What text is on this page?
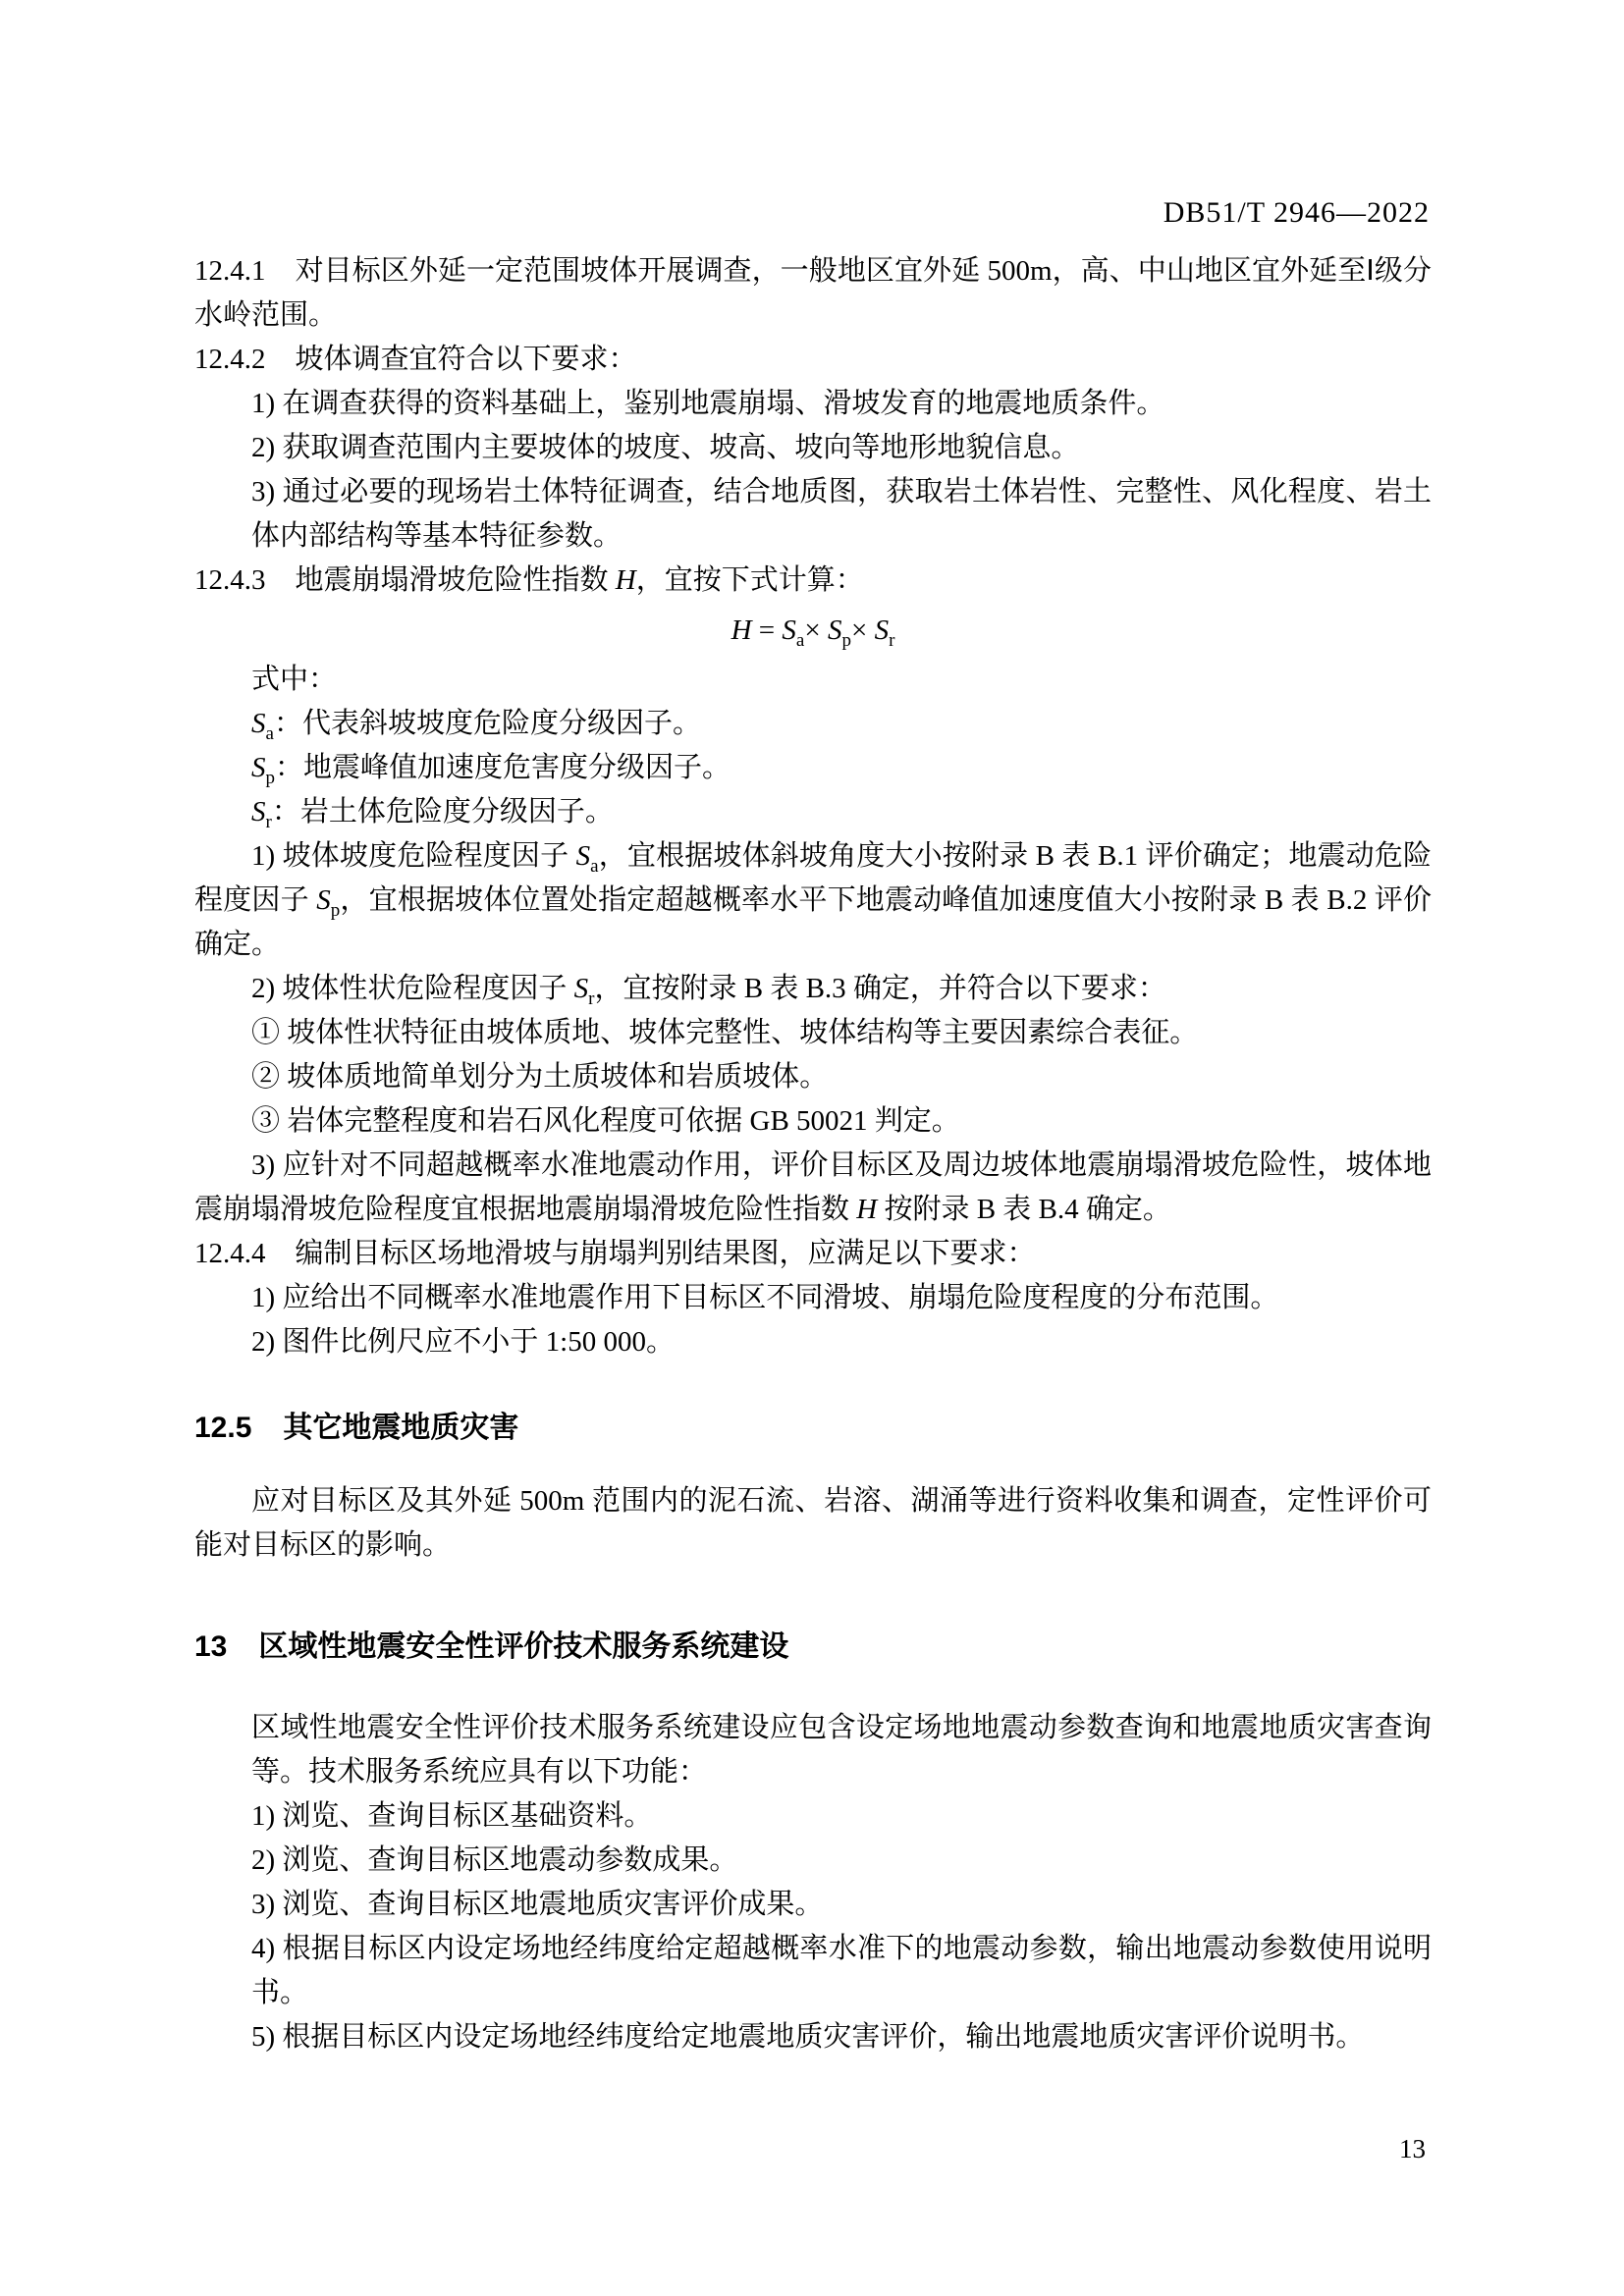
DB51/T 2946—2022

12.4.1 对目标区外延一定范围坡体开展调查，一般地区宜外延 500m，高、中山地区宜外延至Ⅰ级分水岭范围。

12.4.2 坡体调查宜符合以下要求：

1) 在调查获得的资料基础上，鉴别地震崩塌、滑坡发育的地震地质条件。

2) 获取调查范围内主要坡体的坡度、坡高、坡向等地形地貌信息。

3) 通过必要的现场岩土体特征调查，结合地质图，获取岩土体岩性、完整性、风化程度、岩土体内部结构等基本特征参数。

12.4.3 地震崩塌滑坡危险性指数 H，宜按下式计算：

$H = S_a\times S_p\times S_r$

式中：

$S_a$：代表斜坡坡度危险度分级因子。

$S_p$：地震峰值加速度危害度分级因子。

$S_r$：岩土体危险度分级因子。

1) 坡体坡度危险程度因子 $S_a$，宜根据坡体斜坡角度大小按附录 B 表 B.1 评价确定；地震动危险程度因子 $S_p$，宜根据坡体位置处指定超越概率水平下地震动峰值加速度值大小按附录 B 表 B.2 评价确定。

2) 坡体性状危险程度因子 $S_r$，宜按附录 B 表 B.3 确定，并符合以下要求：

① 坡体性状特征由坡体质地、坡体完整性、坡体结构等主要因素综合表征。

② 坡体质地简单划分为土质坡体和岩质坡体。

③ 岩体完整程度和岩石风化程度可依据 GB 50021 判定。

3) 应针对不同超越概率水准地震动作用，评价目标区及周边坡体地震崩塌滑坡危险性，坡体地震崩塌滑坡危险程度宜根据地震崩塌滑坡危险性指数 H 按附录 B 表 B.4 确定。

12.4.4 编制目标区场地滑坡与崩塌判别结果图，应满足以下要求：

1) 应给出不同概率水准地震作用下目标区不同滑坡、崩塌危险度程度的分布范围。

2) 图件比例尺应不小于 1:50 000。

12.5 其它地震地质灾害

应对目标区及其外延 500m 范围内的泥石流、岩溶、湖涌等进行资料收集和调查，定性评价可能对目标区的影响。

13 区域性地震安全性评价技术服务系统建设

区域性地震安全性评价技术服务系统建设应包含设定场地地震动参数查询和地震地质灾害查询等。技术服务系统应具有以下功能：

1) 浏览、查询目标区基础资料。

2) 浏览、查询目标区地震动参数成果。

3) 浏览、查询目标区地震地质灾害评价成果。

4) 根据目标区内设定场地经纬度给定超越概率水准下的地震动参数，输出地震动参数使用说明书。

5) 根据目标区内设定场地经纬度给定地震地质灾害评价，输出地震地质灾害评价说明书。

13
